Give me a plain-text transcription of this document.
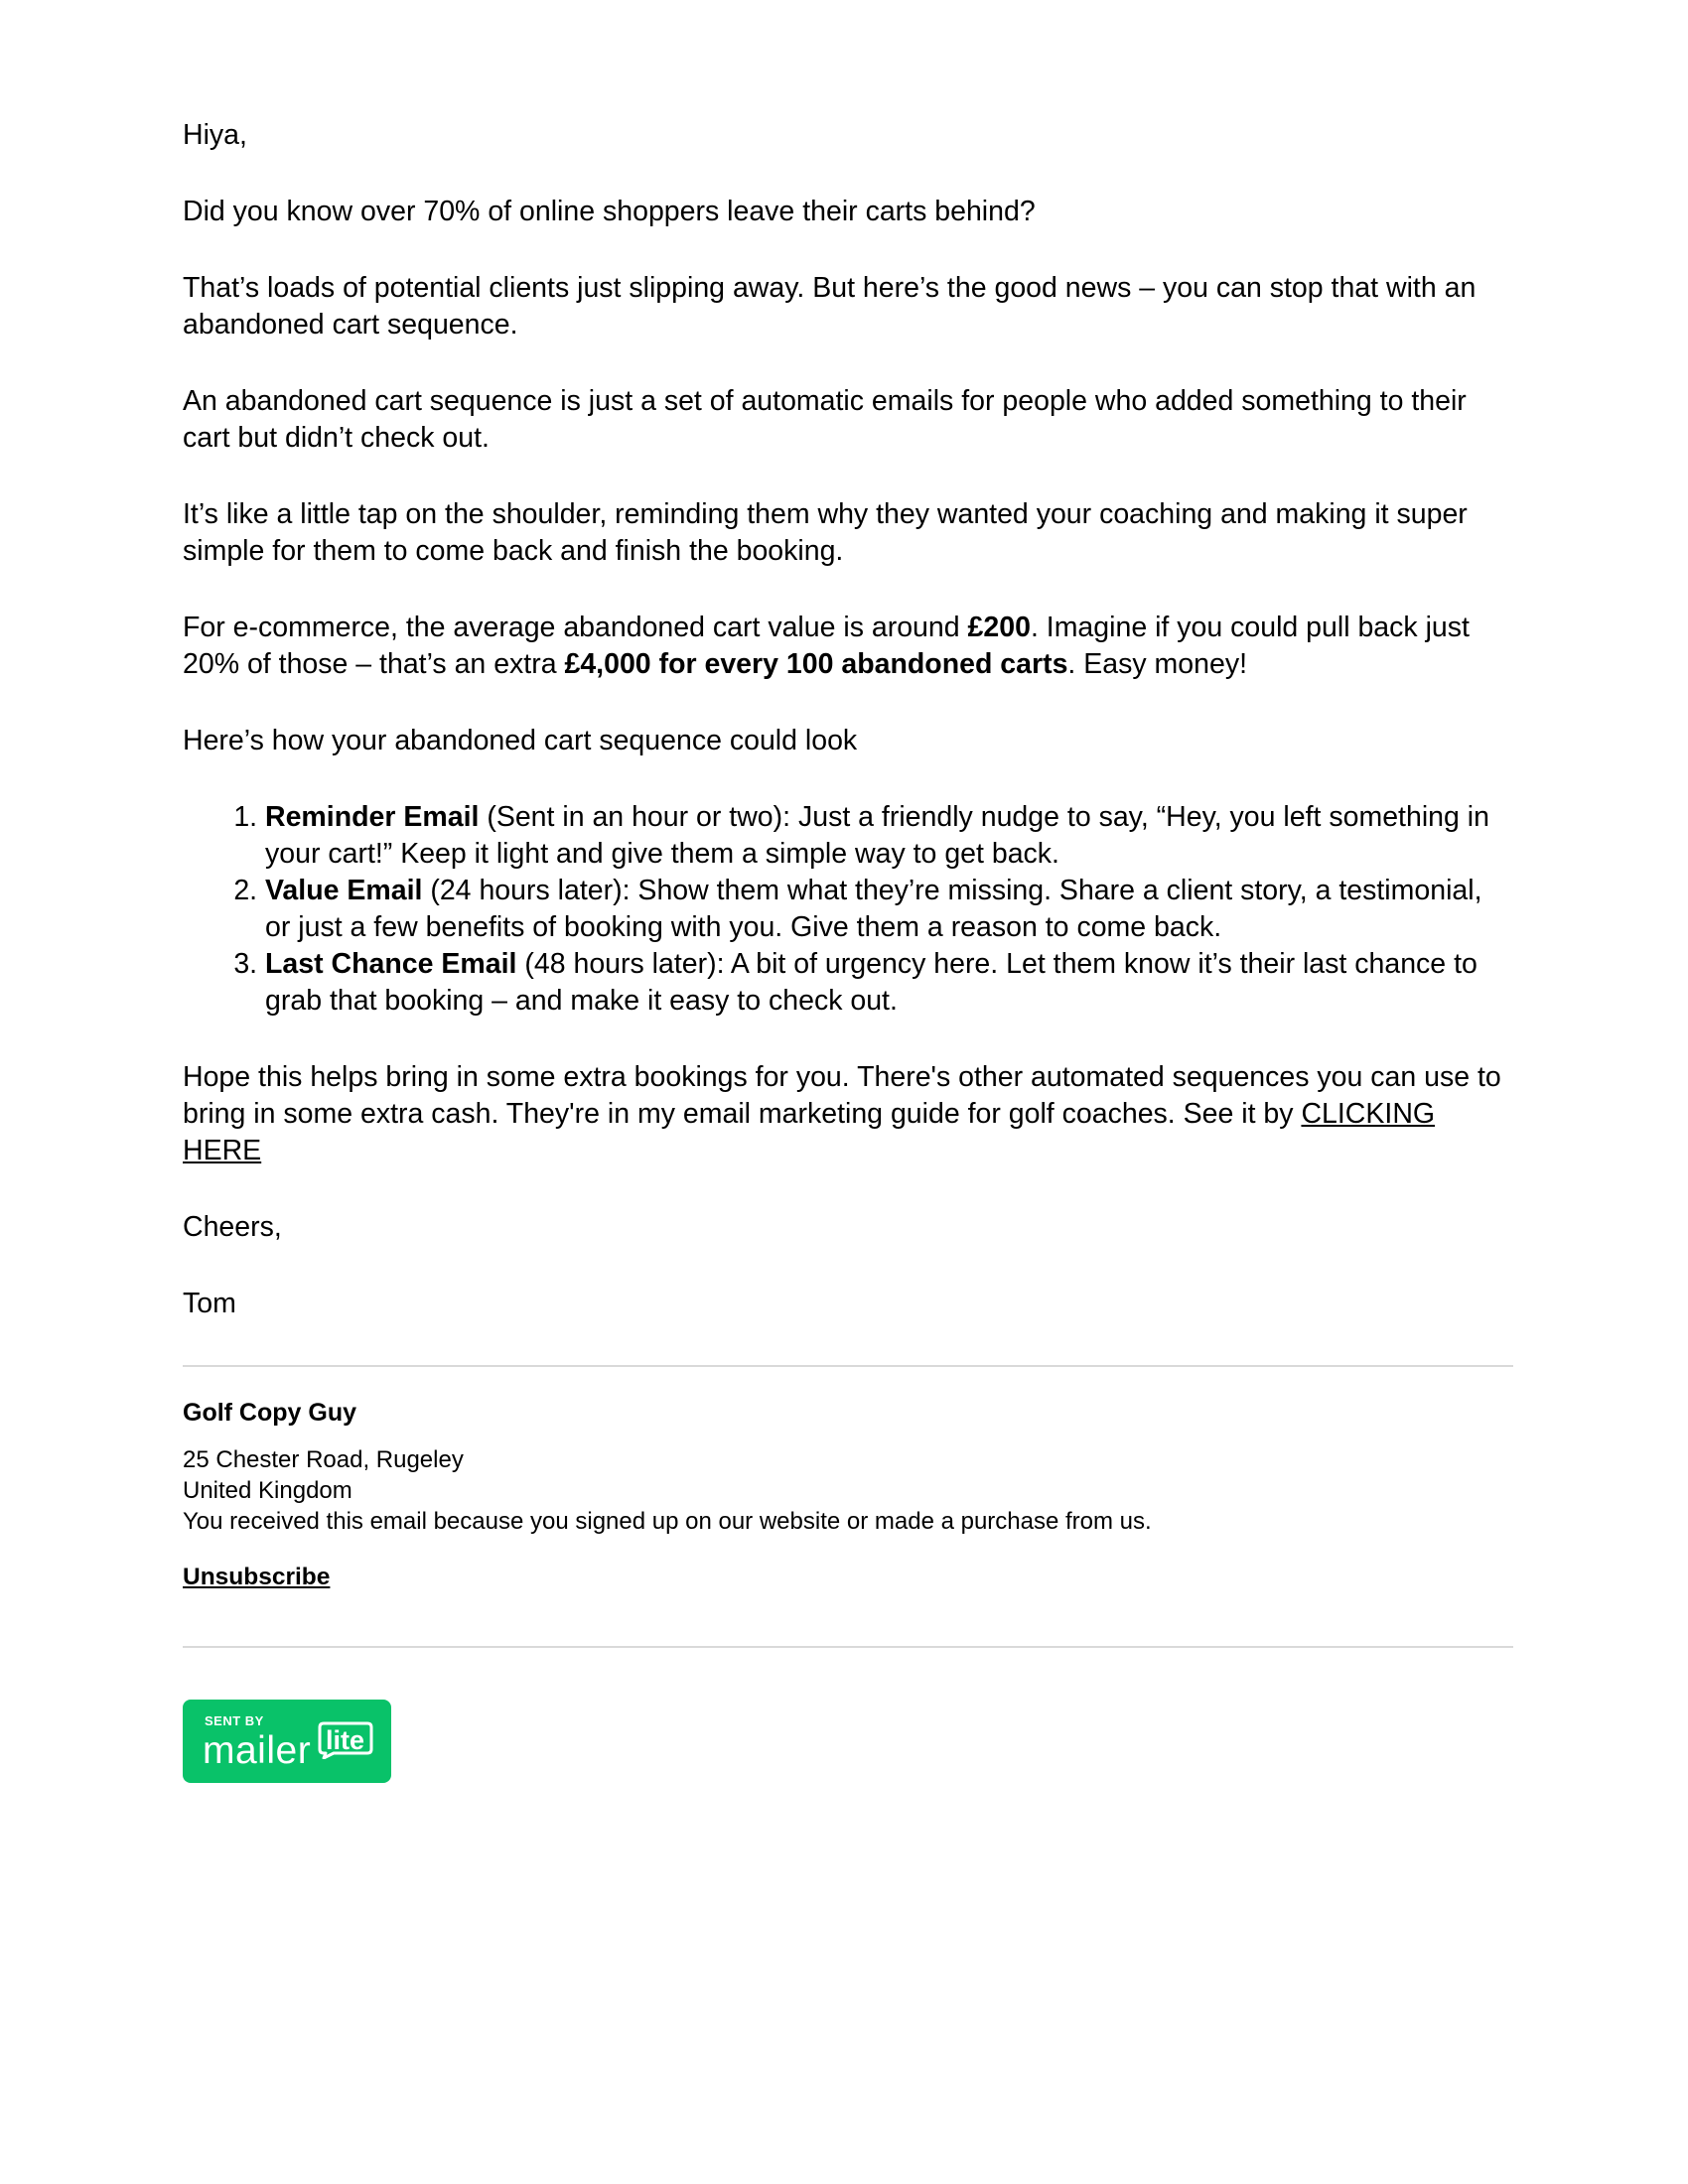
Hiya,

Did you know over 70% of online shoppers leave their carts behind?

That’s loads of potential clients just slipping away. But here’s the good news – you can stop that with an abandoned cart sequence.

An abandoned cart sequence is just a set of automatic emails for people who added something to their cart but didn’t check out.

It’s like a little tap on the shoulder, reminding them why they wanted your coaching and making it super simple for them to come back and finish the booking.

For e-commerce, the average abandoned cart value is around £200. Imagine if you could pull back just 20% of those – that’s an extra £4,000 for every 100 abandoned carts. Easy money!

Here’s how your abandoned cart sequence could look

1. Reminder Email (Sent in an hour or two): Just a friendly nudge to say, “Hey, you left something in your cart!” Keep it light and give them a simple way to get back.
2. Value Email (24 hours later): Show them what they’re missing. Share a client story, a testimonial, or just a few benefits of booking with you. Give them a reason to come back.
3. Last Chance Email (48 hours later): A bit of urgency here. Let them know it’s their last chance to grab that booking – and make it easy to check out.

Hope this helps bring in some extra bookings for you. There's other automated sequences you can use to bring in some extra cash. They're in my email marketing guide for golf coaches. See it by CLICKING HERE

Cheers,

Tom

Golf Copy Guy
25 Chester Road, Rugeley
United Kingdom
You received this email because you signed up on our website or made a purchase from us.
Unsubscribe
SENT BY
mailer lite
